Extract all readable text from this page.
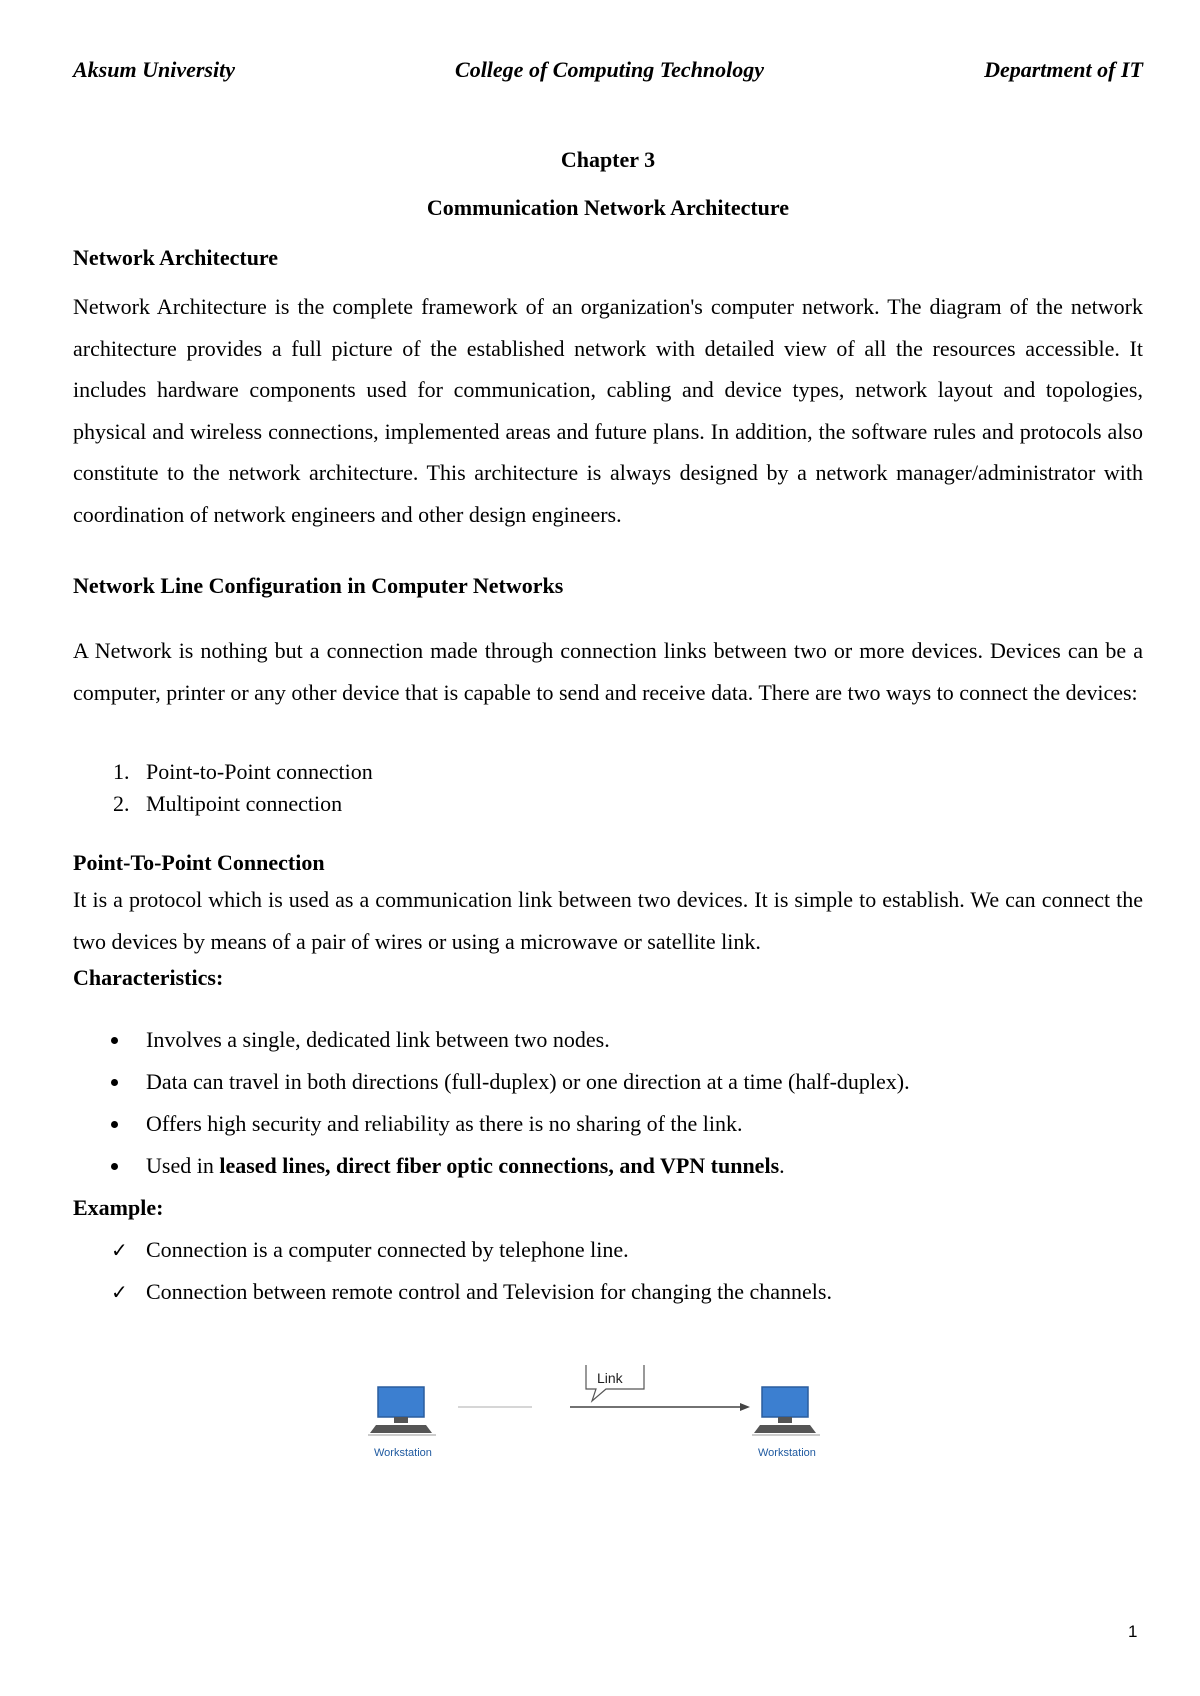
Aksum University	College of Computing Technology	Department of IT
Chapter 3
Communication Network Architecture
Network Architecture

Network Architecture is the complete framework of an organization's computer network. The diagram of the network architecture provides a full picture of the established network with detailed view of all the resources accessible. It includes hardware components used for communication, cabling and device types, network layout and topologies, physical and wireless connections, implemented areas and future plans. In addition, the software rules and protocols also constitute to the network architecture. This architecture is always designed by a network manager/administrator with coordination of network engineers and other design engineers.

Network Line Configuration in Computer Networks

A Network is nothing but a connection made through connection links between two or more devices. Devices can be a computer, printer or any other device that is capable to send and receive data. There are two ways to connect the devices:

1. Point-to-Point connection
2. Multipoint connection
Point-To-Point Connection

It is a protocol which is used as a communication link between two devices. It is simple to establish. We can connect the two devices by means of a pair of wires or using a microwave or satellite link.

Characteristics:
Involves a single, dedicated link between two nodes.
Data can travel in both directions (full-duplex) or one direction at a time (half-duplex).
Offers high security and reliability as there is no sharing of the link.
Used in leased lines, direct fiber optic connections, and VPN tunnels.
Example:
✓ Connection is a computer connected by telephone line.
✓ Connection between remote control and Television for changing the channels.
Workstation
Link
Workstation
1
